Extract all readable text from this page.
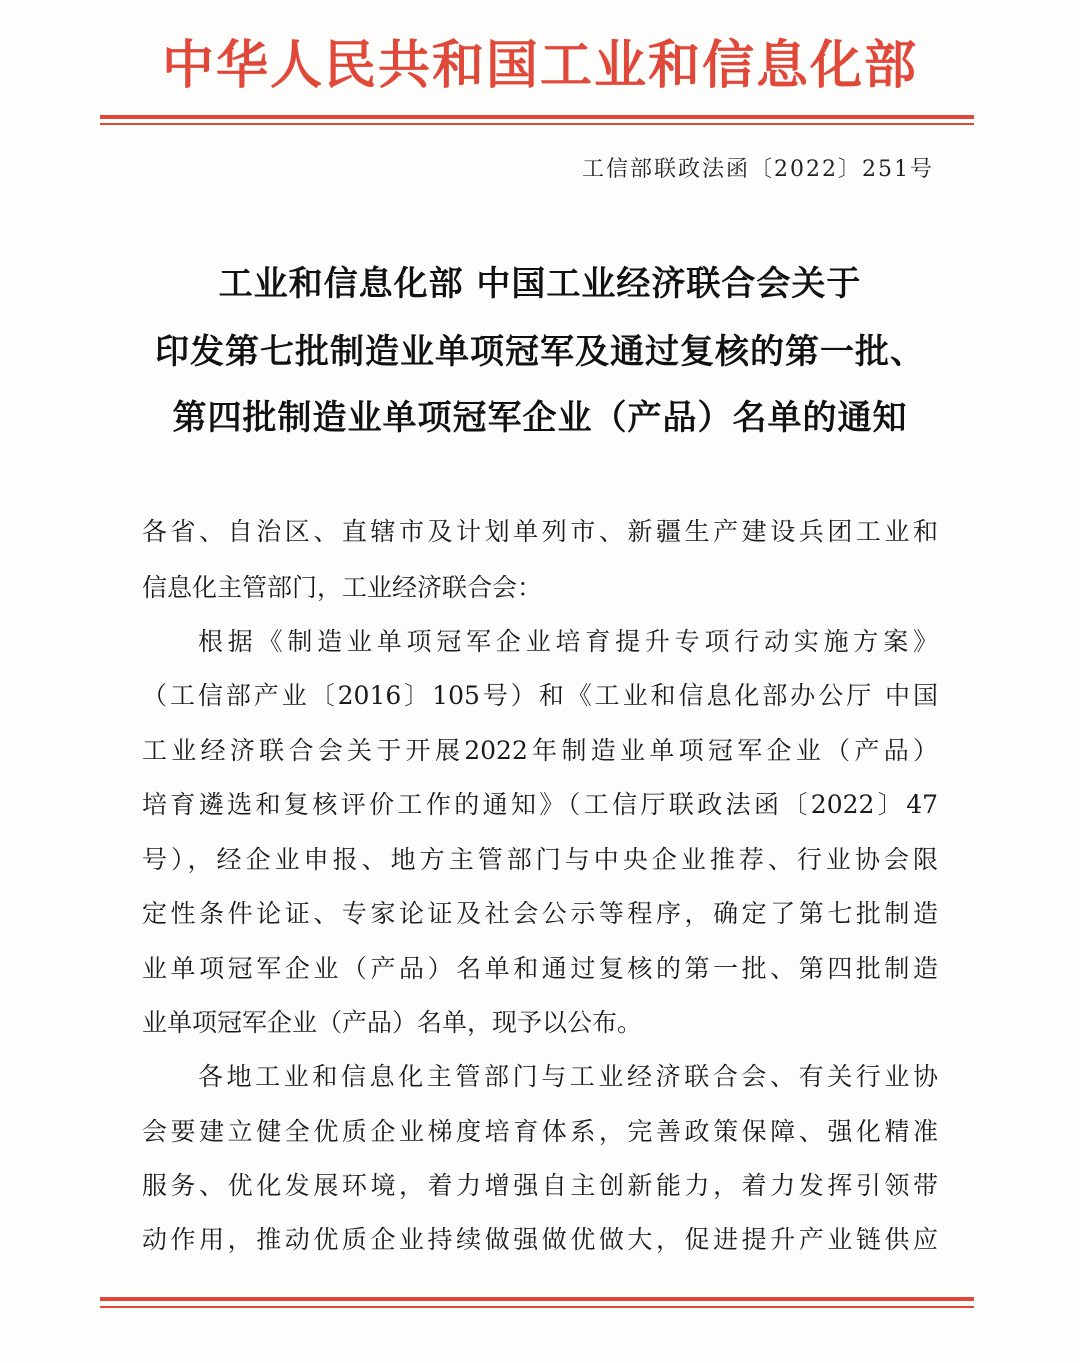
中华人民共和国工业和信息化部
工信部联政法函〔2022〕251号
工业和信息化部 中国工业经济联合会关于
印发第七批制造业单项冠军及通过复核的第一批、
第四批制造业单项冠军企业（产品）名单的通知
各省、自治区、直辖市及计划单列市、新疆生产建设兵团工业和
信息化主管部门，工业经济联合会：
根据《制造业单项冠军企业培育提升专项行动实施方案》
（工信部产业〔2016〕105号）和《工业和信息化部办公厅 中国
工业经济联合会关于开展2022年制造业单项冠军企业（产品）
培育遴选和复核评价工作的通知》（工信厅联政法函〔2022〕47
号），经企业申报、地方主管部门与中央企业推荐、行业协会限
定性条件论证、专家论证及社会公示等程序，确定了第七批制造
业单项冠军企业（产品）名单和通过复核的第一批、第四批制造
业单项冠军企业（产品）名单，现予以公布。
各地工业和信息化主管部门与工业经济联合会、有关行业协
会要建立健全优质企业梯度培育体系，完善政策保障、强化精准
服务、优化发展环境，着力增强自主创新能力，着力发挥引领带
动作用，推动优质企业持续做强做优做大，促进提升产业链供应
